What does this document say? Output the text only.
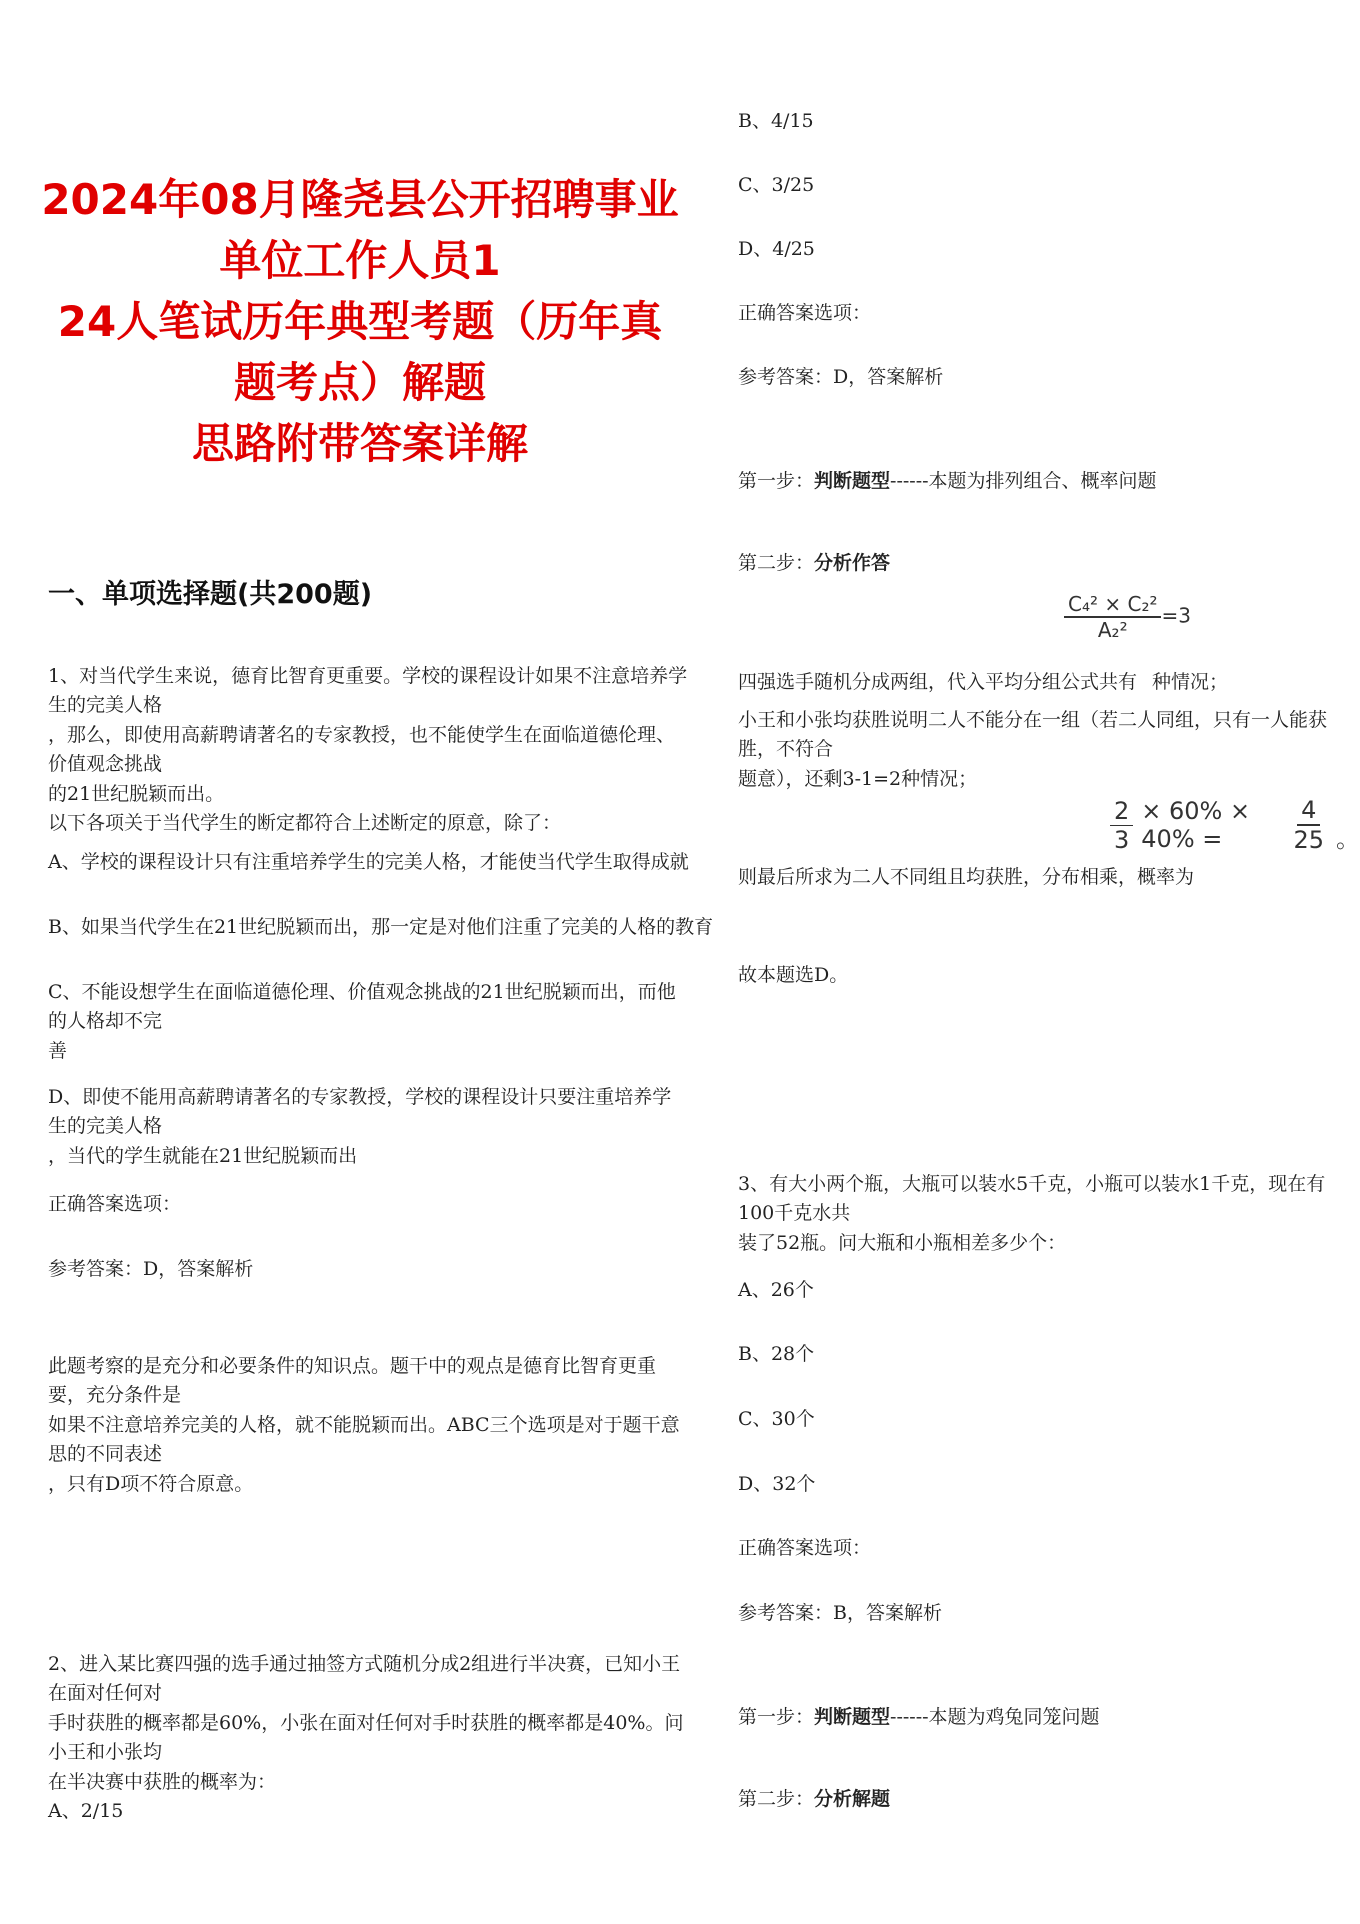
2024年08月隆尧县公开招聘事业单位工作人员1
24人笔试历年典型考题（历年真题考点）解题
思路附带答案详解
一、单项选择题(共200题)
1、对当代学生来说，德育比智育更重要。学校的课程设计如果不注意培养学生的完美人格
，那么，即使用高薪聘请著名的专家教授，也不能使学生在面临道德伦理、价值观念挑战
的21世纪脱颖而出。
以下各项关于当代学生的断定都符合上述断定的原意，除了：
A、学校的课程设计只有注重培养学生的完美人格，才能使当代学生取得成就
B、如果当代学生在21世纪脱颖而出，那一定是对他们注重了完美的人格的教育
C、不能设想学生在面临道德伦理、价值观念挑战的21世纪脱颖而出，而他的人格却不完
善
D、即使不能用高薪聘请著名的专家教授，学校的课程设计只要注重培养学生的完美人格
，当代的学生就能在21世纪脱颖而出
正确答案选项：
参考答案：D，答案解析
此题考察的是充分和必要条件的知识点。题干中的观点是德育比智育更重要，充分条件是
如果不注意培养完美的人格，就不能脱颖而出。ABC三个选项是对于题干意思的不同表述
，只有D项不符合原意。
2、进入某比赛四强的选手通过抽签方式随机分成2组进行半决赛，已知小王在面对任何对
手时获胜的概率都是60%，小张在面对任何对手时获胜的概率都是40%。问小王和小张均
在半决赛中获胜的概率为：
A、2/15
B、4/15
C、3/25
D、4/25
正确答案选项：
参考答案：D，答案解析
第一步：判断题型------本题为排列组合、概率问题
第二步：分析作答
四强选手随机分成两组，代入平均分组公式共有
$\frac{\text{C₄² × C₂²}}{\text{A₂²}} =3$
种情况；
小王和小张均获胜说明二人不能分在一组（若二人同组，只有一人能获胜，不符合
题意），还剩3-1=2种情况；
则最后所求为二人不同组且均获胜，分布相乘，概率为
$\frac{2}{3} \times 60\% \times 40\%$ =	$\frac{4}{25}$ 。
故本题选D。
3、有大小两个瓶，大瓶可以装水5千克，小瓶可以装水1千克，现在有100千克水共
装了52瓶。问大瓶和小瓶相差多少个：
A、26个
B、28个
C、30个
D、32个
正确答案选项：
参考答案：B，答案解析
第一步：判断题型------本题为鸡兔同笼问题
第二步：分析解题
